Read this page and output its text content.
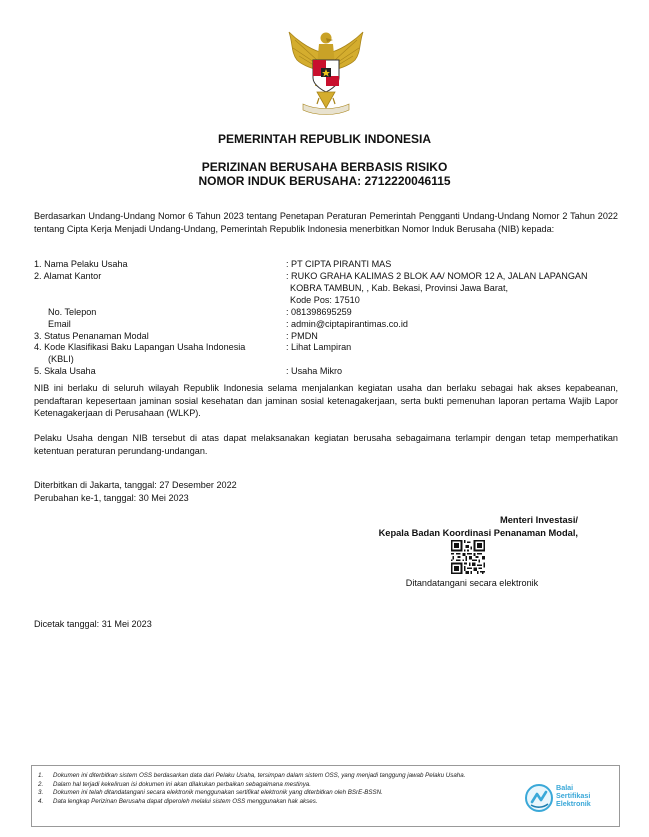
PEMERINTAH REPUBLIK INDONESIA
PERIZINAN BERUSAHA BERBASIS RISIKO
NOMOR INDUK BERUSAHA: 2712220046115
Berdasarkan Undang-Undang Nomor 6 Tahun 2023 tentang Penetapan Peraturan Pemerintah Pengganti Undang-Undang Nomor 2 Tahun 2022 tentang Cipta Kerja Menjadi Undang-Undang, Pemerintah Republik Indonesia menerbitkan Nomor Induk Berusaha (NIB) kepada:
1. Nama Pelaku Usaha	: PT CIPTA PIRANTI MAS
2. Alamat Kantor	: RUKO GRAHA KALIMAS 2 BLOK AA/ NOMOR 12 A, JALAN LAPANGAN
KOBRA TAMBUN, , Kab. Bekasi, Provinsi Jawa Barat,
Kode Pos: 17510
No. Telepon	: 081398695259
Email	: admin@ciptapirantimas.co.id
3. Status Penanaman Modal	: PMDN
4. Kode Klasifikasi Baku Lapangan Usaha Indonesia
(KBLI)
: Lihat Lampiran
5. Skala Usaha	: Usaha Mikro
NIB ini berlaku di seluruh wilayah Republik Indonesia selama menjalankan kegiatan usaha dan berlaku sebagai hak akses kepabeanan, pendaftaran kepesertaan jaminan sosial kesehatan dan jaminan sosial ketenagakerjaan, serta bukti pemenuhan laporan pertama Wajib Lapor Ketenagakerjaan di Perusahaan (WLKP).
Pelaku Usaha dengan NIB tersebut di atas dapat melaksanakan kegiatan berusaha sebagaimana terlampir dengan tetap memperhatikan ketentuan peraturan perundang-undangan.
Diterbitkan di Jakarta, tanggal: 27 Desember 2022
Perubahan ke-1, tanggal: 30 Mei 2023
Menteri Investasi/
Kepala Badan Koordinasi Penanaman Modal,
Ditandatangani secara elektronik
Dicetak tanggal: 31 Mei 2023
1. Dokumen ini diterbitkan sistem OSS berdasarkan data dari Pelaku Usaha, tersimpan dalam sistem OSS, yang menjadi tanggung jawab Pelaku Usaha.
2. Dalam hal terjadi kekeliruan isi dokumen ini akan dilakukan perbaikan sebagaimana mestinya.
3. Dokumen ini telah ditandatangani secara elektronik menggunakan sertifikat elektronik yang diterbitkan oleh BSrE-BSSN.
4. Data lengkap Perizinan Berusaha dapat diperoleh melalui sistem OSS menggunakan hak akses.
Balai
Sertifikasi
Elektronik
